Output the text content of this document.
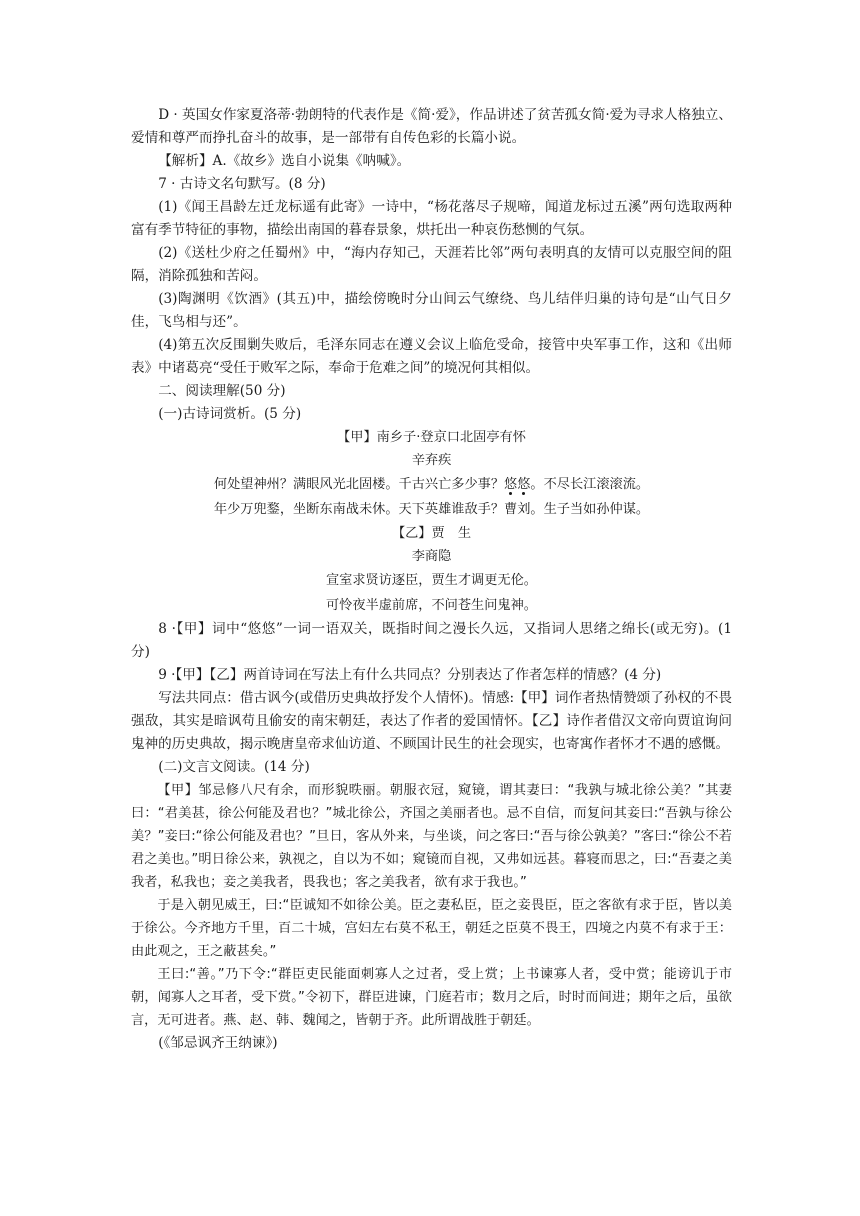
D · 英国女作家夏洛蒂·勃朗特的代表作是《简·爱》，作品讲述了贫苦孤女简·爱为寻求人格独立、爱情和尊严而挣扎奋斗的故事，是一部带有自传色彩的长篇小说。

【解析】A.《故乡》选自小说集《呐喊》。

7 · 古诗文名句默写。(8 分)

(1)《闻王昌龄左迁龙标遥有此寄》一诗中，“杨花落尽子规啼，闻道龙标过五溪”两句选取两种富有季节特征的事物，描绘出南国的暮春景象，烘托出一种哀伤愁恻的气氛。

(2)《送杜少府之任蜀州》中，“海内存知己，天涯若比邻”两句表明真的友情可以克服空间的阻隔，消除孤独和苦闷。

(3)陶渊明《饮酒》(其五)中，描绘傍晚时分山间云气缭绕、鸟儿结伴归巢的诗句是“山气日夕佳，飞鸟相与还”。

(4)第五次反围剿失败后，毛泽东同志在遵义会议上临危受命，接管中央军事工作，这和《出师表》中诸葛亮“受任于败军之际，奉命于危难之间”的境况何其相似。

二、阅读理解(50 分)

(一)古诗词赏析。(5 分)

【甲】南乡子·登京口北固亭有怀

辛弃疾

何处望神州？满眼风光北固楼。千古兴亡多少事？悠悠。不尽长江滚滚流。

年少万兜鍪，坐断东南战未休。天下英雄谁敌手？曹刘。生子当如孙仲谋。

【乙】贾　生

李商隐

宣室求贤访逐臣，贾生才调更无伦。

可怜夜半虚前席，不问苍生问鬼神。

8 ·【甲】词中“悠悠”一词一语双关，既指时间之漫长久远，又指词人思绪之绵长(或无穷)。(1 分)

9 ·【甲】【乙】两首诗词在写法上有什么共同点？分别表达了作者怎样的情感？(4 分)

写法共同点：借古讽今(或借历史典故抒发个人情怀)。情感:【甲】词作者热情赞颂了孙权的不畏强敌，其实是暗讽苟且偷安的南宋朝廷，表达了作者的爱国情怀。【乙】诗作者借汉文帝向贾谊询问鬼神的历史典故，揭示晚唐皇帝求仙访道、不顾国计民生的社会现实，也寄寓作者怀才不遇的感慨。

(二)文言文阅读。(14 分)

【甲】邹忌修八尺有余，而形貌昳丽。朝服衣冠，窥镜，谓其妻曰：“我孰与城北徐公美？”其妻曰：“君美甚，徐公何能及君也？”城北徐公，齐国之美丽者也。忌不自信，而复问其妾曰:“吾孰与徐公美？”妾曰:“徐公何能及君也？”旦日，客从外来，与坐谈，问之客曰:“吾与徐公孰美？”客曰:“徐公不若君之美也。”明日徐公来，孰视之，自以为不如；窥镜而自视，又弗如远甚。暮寝而思之，曰:“吾妻之美我者，私我也；妾之美我者，畏我也；客之美我者，欲有求于我也。”

于是入朝见威王，曰:“臣诚知不如徐公美。臣之妻私臣，臣之妾畏臣，臣之客欲有求于臣，皆以美于徐公。今齐地方千里，百二十城，宫妇左右莫不私王，朝廷之臣莫不畏王，四境之内莫不有求于王：由此观之，王之蔽甚矣。”

王曰:“善。”乃下令:“群臣吏民能面刺寡人之过者，受上赏；上书谏寡人者，受中赏；能谤讥于市朝，闻寡人之耳者，受下赏。”令初下，群臣进谏，门庭若市；数月之后，时时而间进；期年之后，虽欲言，无可进者。燕、赵、韩、魏闻之，皆朝于齐。此所谓战胜于朝廷。

(《邹忌讽齐王纳谏》)
